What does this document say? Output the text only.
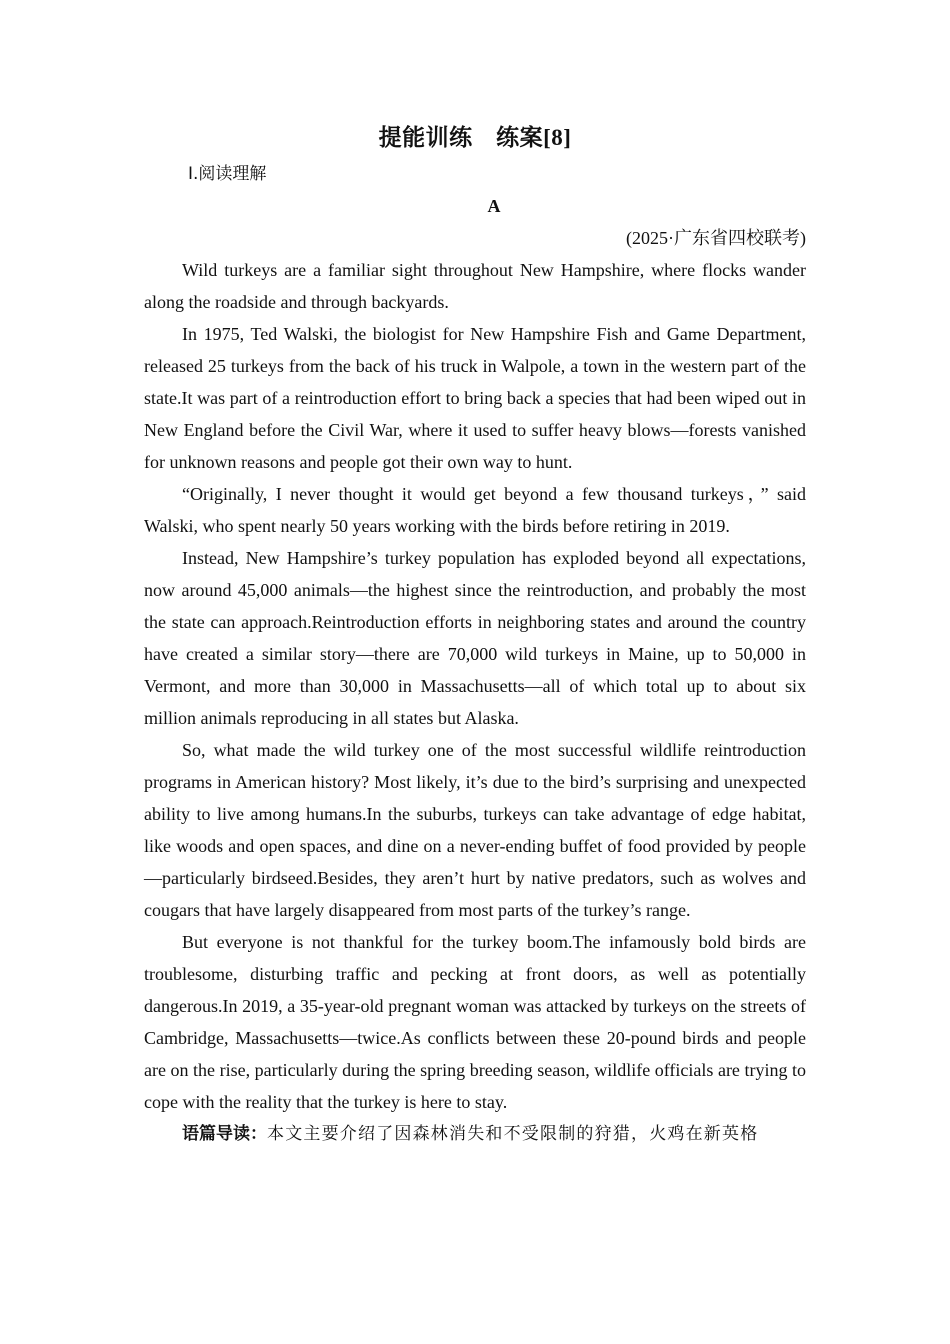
提能训练　练案[8]

Ⅰ.阅读理解

A

(2025·广东省四校联考)

Wild turkeys are a familiar sight throughout New Hampshire, where flocks wander along the roadside and through backyards.

In 1975, Ted Walski, the biologist for New Hampshire Fish and Game Department, released 25 turkeys from the back of his truck in Walpole, a town in the western part of the state.It was part of a reintroduction effort to bring back a species that had been wiped out in New England before the Civil War, where it used to suffer heavy blows—forests vanished for unknown reasons and people got their own way to hunt.

“Originally, I never thought it would get beyond a few thousand turkeys，” said Walski, who spent nearly 50 years working with the birds before retiring in 2019.

Instead, New Hampshire’s turkey population has exploded beyond all expectations, now around 45,000 animals—the highest since the reintroduction, and probably the most the state can approach.Reintroduction efforts in neighboring states and around the country have created a similar story—there are 70,000 wild turkeys in Maine, up to 50,000 in Vermont, and more than 30,000 in Massachusetts—all of which total up to about six million animals reproducing in all states but Alaska.

So, what made the wild turkey one of the most successful wildlife reintroduction programs in American history? Most likely, it’s due to the bird’s surprising and unexpected ability to live among humans.In the suburbs, turkeys can take advantage of edge habitat, like woods and open spaces, and dine on a never-ending buffet of food provided by people—particularly birdseed.Besides, they aren’t hurt by native predators, such as wolves and cougars that have largely disappeared from most parts of the turkey’s range.

But everyone is not thankful for the turkey boom.The infamously bold birds are troublesome, disturbing traffic and pecking at front doors, as well as potentially dangerous.In 2019, a 35-year-old pregnant woman was attacked by turkeys on the streets of Cambridge, Massachusetts—twice.As conflicts between these 20-pound birds and people are on the rise, particularly during the spring breeding season, wildlife officials are trying to cope with the reality that the turkey is here to stay.

语篇导读：本文主要介绍了因森林消失和不受限制的狩猎，火鸡在新英格
